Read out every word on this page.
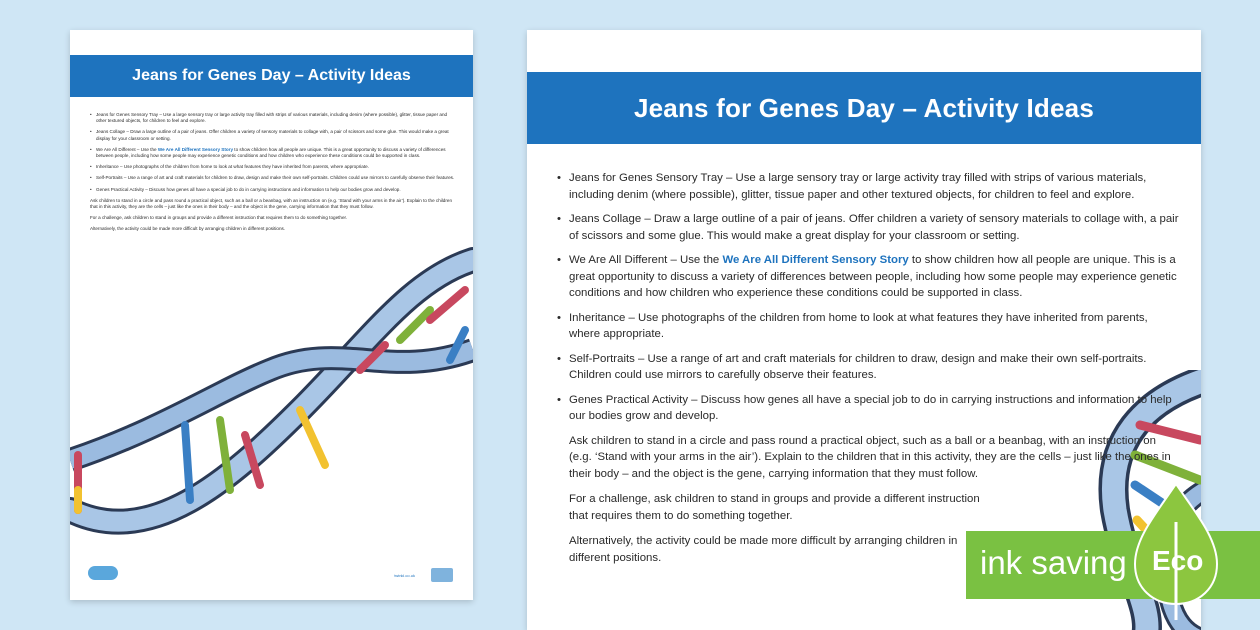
Jeans for Genes Day – Activity Ideas
• Jeans for Genes Sensory Tray – Use a large sensory tray or large activity tray filled with strips of various materials, including denim (where possible), glitter, tissue paper and other textured objects, for children to feel and explore.
• Jeans Collage – Draw a large outline of a pair of jeans. Offer children a variety of sensory materials to collage with, a pair of scissors and some glue. This would make a great display for your classroom or setting.
• We Are All Different – Use the We Are All Different Sensory Story to show children how all people are unique. This is a great opportunity to discuss a variety of differences between people, including how some people may experience genetic conditions and how children who experience these conditions could be supported in class.
• Inheritance – Use photographs of the children from home to look at what features they have inherited from parents, where appropriate.
• Self-Portraits – Use a range of art and craft materials for children to draw, design and make their own self-portraits. Children could use mirrors to carefully observe their features.
• Genes Practical Activity – Discuss how genes all have a special job to do in carrying instructions and information to help our bodies grow and develop.

Ask children to stand in a circle and pass round a practical object, such as a ball or a beanbag, with an instruction on (e.g. ‘Stand with your arms in the air’). Explain to the children that in this activity, they are the cells – just like the ones in their body – and the object is the gene, carrying information that they must follow.

For a challenge, ask children to stand in groups and provide a different instruction that requires them to do something together.

Alternatively, the activity could be made more difficult by arranging children in different positions.

twinkl.co.uk
Jeans for Genes Day – Activity Ideas
• Jeans for Genes Sensory Tray – Use a large sensory tray or large activity tray filled with strips of various materials, including denim (where possible), glitter, tissue paper and other textured objects, for children to feel and explore.
• Jeans Collage – Draw a large outline of a pair of jeans. Offer children a variety of sensory materials to collage with, a pair of scissors and some glue. This would make a great display for your classroom or setting.
• We Are All Different – Use the We Are All Different Sensory Story to show children how all people are unique. This is a great opportunity to discuss a variety of differences between people, including how some people may experience genetic conditions and how children who experience these conditions could be supported in class.
• Inheritance – Use photographs of the children from home to look at what features they have inherited from parents, where appropriate.
• Self-Portraits – Use a range of art and craft materials for children to draw, design and make their own self-portraits. Children could use mirrors to carefully observe their features.
• Genes Practical Activity – Discuss how genes all have a special job to do in carrying instructions and information to help our bodies grow and develop.

Ask children to stand in a circle and pass round a practical object, such as a ball or a beanbag, with an instruction on (e.g. ‘Stand with your arms in the air’). Explain to the children that in this activity, they are the cells – just like the ones in their body – and the object is the gene, carrying information that they must follow.

For a challenge, ask children to stand in groups and provide a different instruction that requires them to do something together.

Alternatively, the activity could be made more difficult by arranging children in different positions.	ink saving Eco
